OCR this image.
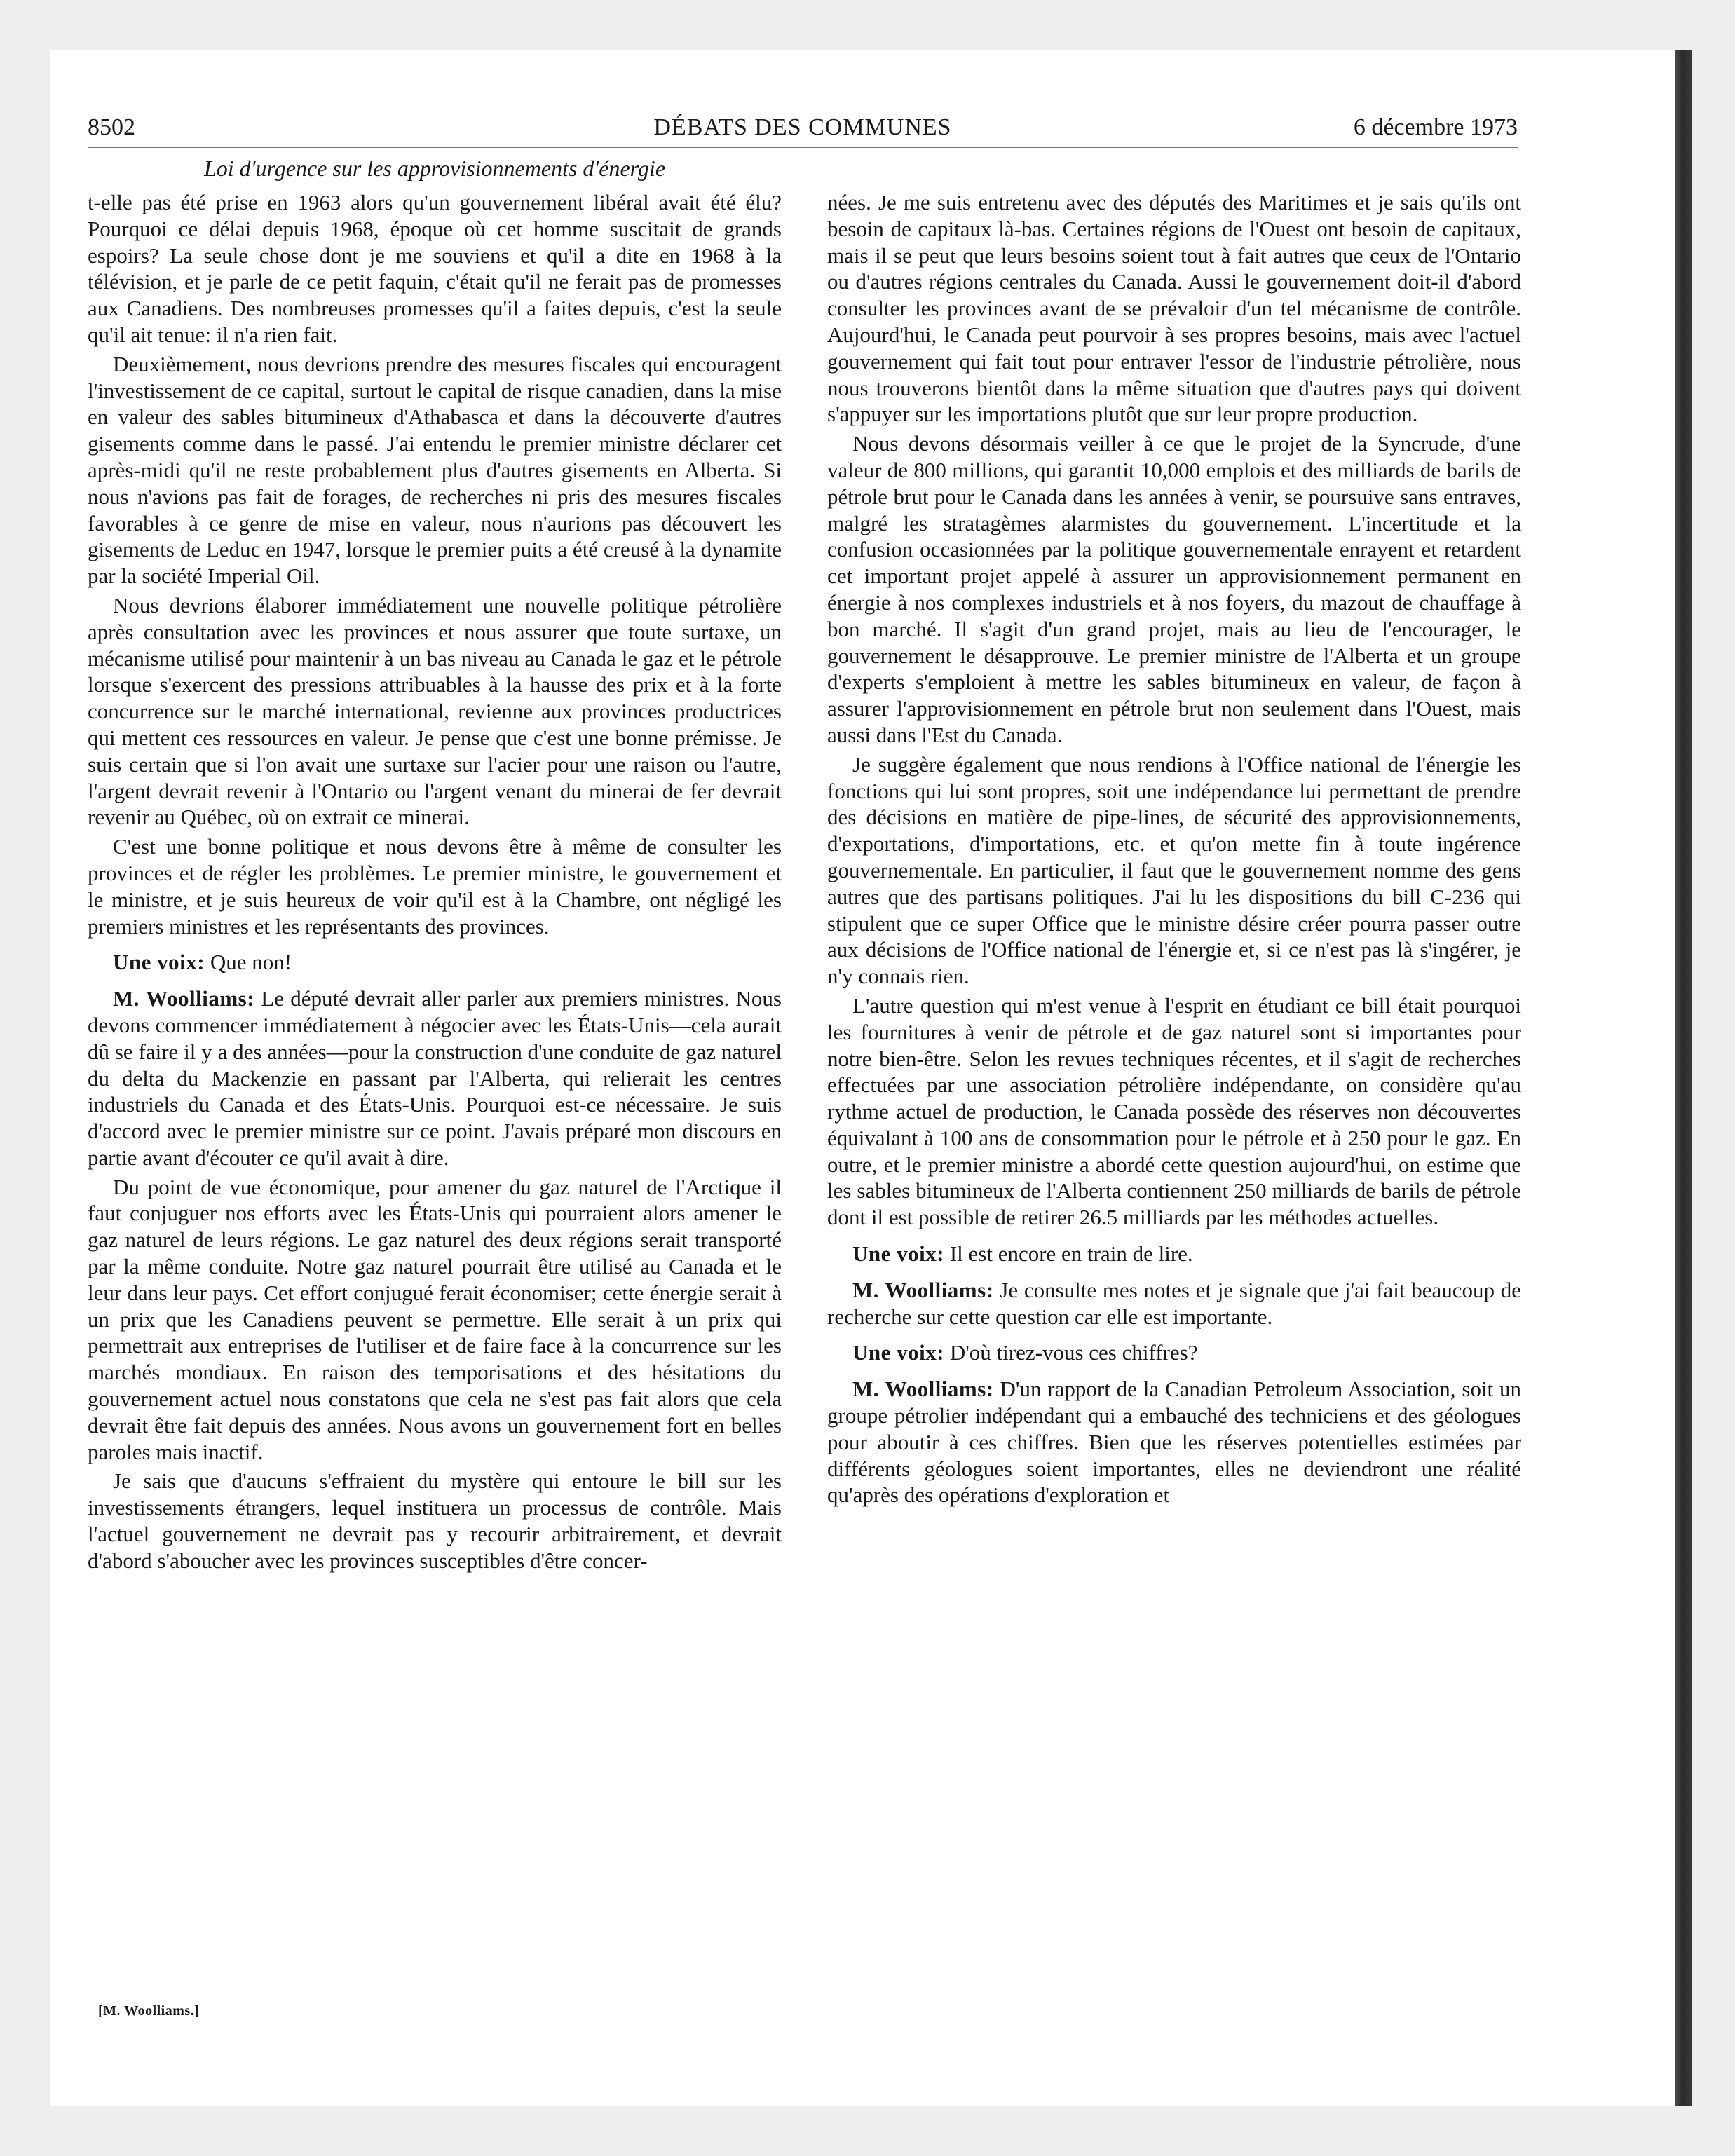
8502	DÉBATS DES COMMUNES	6 décembre 1973
Loi d'urgence sur les approvisionnements d'énergie

t-elle pas été prise en 1963 alors qu'un gouvernement libéral avait été élu? Pourquoi ce délai depuis 1968, époque où cet homme suscitait de grands espoirs? La seule chose dont je me souviens et qu'il a dite en 1968 à la télévision, et je parle de ce petit faquin, c'était qu'il ne ferait pas de promesses aux Canadiens. Des nombreuses promesses qu'il a faites depuis, c'est la seule qu'il ait tenue: il n'a rien fait.

Deuxièmement, nous devrions prendre des mesures fiscales qui encouragent l'investissement de ce capital, surtout le capital de risque canadien, dans la mise en valeur des sables bitumineux d'Athabasca et dans la découverte d'autres gisements comme dans le passé. J'ai entendu le premier ministre déclarer cet après-midi qu'il ne reste probablement plus d'autres gisements en Alberta. Si nous n'avions pas fait de forages, de recherches ni pris des mesures fiscales favorables à ce genre de mise en valeur, nous n'aurions pas découvert les gisements de Leduc en 1947, lorsque le premier puits a été creusé à la dynamite par la société Imperial Oil.

Nous devrions élaborer immédiatement une nouvelle politique pétrolière après consultation avec les provinces et nous assurer que toute surtaxe, un mécanisme utilisé pour maintenir à un bas niveau au Canada le gaz et le pétrole lorsque s'exercent des pressions attribuables à la hausse des prix et à la forte concurrence sur le marché international, revienne aux provinces productrices qui mettent ces ressources en valeur. Je pense que c'est une bonne prémisse. Je suis certain que si l'on avait une surtaxe sur l'acier pour une raison ou l'autre, l'argent devrait revenir à l'Ontario ou l'argent venant du minerai de fer devrait revenir au Québec, où on extrait ce minerai.

C'est une bonne politique et nous devons être à même de consulter les provinces et de régler les problèmes. Le premier ministre, le gouvernement et le ministre, et je suis heureux de voir qu'il est à la Chambre, ont négligé les premiers ministres et les représentants des provinces.

Une voix: Que non!

M. Woolliams: Le député devrait aller parler aux premiers ministres. Nous devons commencer immédiatement à négocier avec les États-Unis—cela aurait dû se faire il y a des années—pour la construction d'une conduite de gaz naturel du delta du Mackenzie en passant par l'Alberta, qui relierait les centres industriels du Canada et des États-Unis. Pourquoi est-ce nécessaire. Je suis d'accord avec le premier ministre sur ce point. J'avais préparé mon discours en partie avant d'écouter ce qu'il avait à dire.

Du point de vue économique, pour amener du gaz naturel de l'Arctique il faut conjuguer nos efforts avec les États-Unis qui pourraient alors amener le gaz naturel de leurs régions. Le gaz naturel des deux régions serait transporté par la même conduite. Notre gaz naturel pourrait être utilisé au Canada et le leur dans leur pays. Cet effort conjugué ferait économiser; cette énergie serait à un prix que les Canadiens peuvent se permettre. Elle serait à un prix qui permettrait aux entreprises de l'utiliser et de faire face à la concurrence sur les marchés mondiaux. En raison des temporisations et des hésitations du gouvernement actuel nous constatons que cela ne s'est pas fait alors que cela devrait être fait depuis des années. Nous avons un gouvernement fort en belles paroles mais inactif.

Je sais que d'aucuns s'effraient du mystère qui entoure le bill sur les investissements étrangers, lequel instituera un processus de contrôle. Mais l'actuel gouvernement ne devrait pas y recourir arbitrairement, et devrait d'abord s'aboucher avec les provinces susceptibles d'être concer-

nées. Je me suis entretenu avec des députés des Maritimes et je sais qu'ils ont besoin de capitaux là-bas. Certaines régions de l'Ouest ont besoin de capitaux, mais il se peut que leurs besoins soient tout à fait autres que ceux de l'Ontario ou d'autres régions centrales du Canada. Aussi le gouvernement doit-il d'abord consulter les provinces avant de se prévaloir d'un tel mécanisme de contrôle. Aujourd'hui, le Canada peut pourvoir à ses propres besoins, mais avec l'actuel gouvernement qui fait tout pour entraver l'essor de l'industrie pétrolière, nous nous trouverons bientôt dans la même situation que d'autres pays qui doivent s'appuyer sur les importations plutôt que sur leur propre production.

Nous devons désormais veiller à ce que le projet de la Syncrude, d'une valeur de 800 millions, qui garantit 10,000 emplois et des milliards de barils de pétrole brut pour le Canada dans les années à venir, se poursuive sans entraves, malgré les stratagèmes alarmistes du gouvernement. L'incertitude et la confusion occasionnées par la politique gouvernementale enrayent et retardent cet important projet appelé à assurer un approvisionnement permanent en énergie à nos complexes industriels et à nos foyers, du mazout de chauffage à bon marché. Il s'agit d'un grand projet, mais au lieu de l'encourager, le gouvernement le désapprouve. Le premier ministre de l'Alberta et un groupe d'experts s'emploient à mettre les sables bitumineux en valeur, de façon à assurer l'approvisionnement en pétrole brut non seulement dans l'Ouest, mais aussi dans l'Est du Canada.

Je suggère également que nous rendions à l'Office national de l'énergie les fonctions qui lui sont propres, soit une indépendance lui permettant de prendre des décisions en matière de pipe-lines, de sécurité des approvisionnements, d'exportations, d'importations, etc. et qu'on mette fin à toute ingérence gouvernementale. En particulier, il faut que le gouvernement nomme des gens autres que des partisans politiques. J'ai lu les dispositions du bill C-236 qui stipulent que ce super Office que le ministre désire créer pourra passer outre aux décisions de l'Office national de l'énergie et, si ce n'est pas là s'ingérer, je n'y connais rien.

L'autre question qui m'est venue à l'esprit en étudiant ce bill était pourquoi les fournitures à venir de pétrole et de gaz naturel sont si importantes pour notre bien-être. Selon les revues techniques récentes, et il s'agit de recherches effectuées par une association pétrolière indépendante, on considère qu'au rythme actuel de production, le Canada possède des réserves non découvertes équivalant à 100 ans de consommation pour le pétrole et à 250 pour le gaz. En outre, et le premier ministre a abordé cette question aujourd'hui, on estime que les sables bitumineux de l'Alberta contiennent 250 milliards de barils de pétrole dont il est possible de retirer 26.5 milliards par les méthodes actuelles.

Une voix: Il est encore en train de lire.

M. Woolliams: Je consulte mes notes et je signale que j'ai fait beaucoup de recherche sur cette question car elle est importante.

Une voix: D'où tirez-vous ces chiffres?

M. Woolliams: D'un rapport de la Canadian Petroleum Association, soit un groupe pétrolier indépendant qui a embauché des techniciens et des géologues pour aboutir à ces chiffres. Bien que les réserves potentielles estimées par différents géologues soient importantes, elles ne deviendront une réalité qu'après des opérations d'exploration et

[M. Woolliams.]
